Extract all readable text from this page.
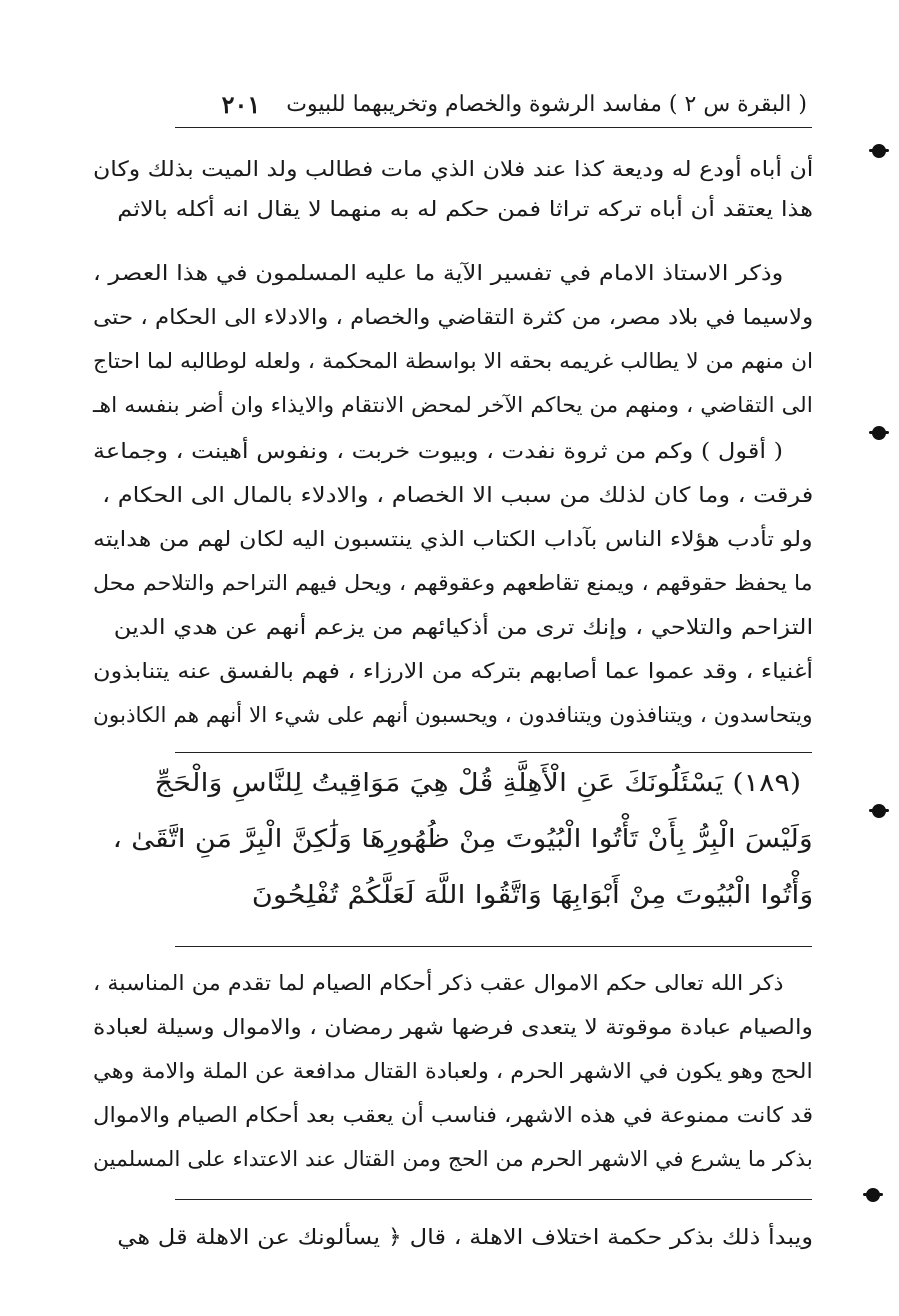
( البقرة س ٢ ) مفاسد الرشوة والخصام وتخريبهما للبيوت
٢٠١
أن أباه أودع له وديعة كذا عند فلان الذي مات فطالب ولد الميت بذلك وكان
هذا يعتقد أن أباه تركه تراثا فمن حكم له به منهما لا يقال انه أكله بالاثم
وذكر الاستاذ الامام في تفسير الآية ما عليه المسلمون في هذا العصر ،
ولاسيما في بلاد مصر، من كثرة التقاضي والخصام ، والادلاء الى الحكام ، حتى
ان منهم من لا يطالب غريمه بحقه الا بواسطة المحكمة ، ولعله لوطالبه لما احتاج
الى التقاضي ، ومنهم من يحاكم الآخر لمحض الانتقام والايذاء وان أضر بنفسه اهـ
( أقول ) وكم من ثروة نفدت ، وبيوت خربت ، ونفوس أهينت ، وجماعة
فرقت ، وما كان لذلك من سبب الا الخصام ، والادلاء بالمال الى الحكام ،
ولو تأدب هؤلاء الناس بآداب الكتاب الذي ينتسبون اليه لكان لهم من هدايته
ما يحفظ حقوقهم ، ويمنع تقاطعهم وعقوقهم ، ويحل فيهم التراحم والتلاحم محل
التزاحم والتلاحي ، وإنك ترى من أذكيائهم من يزعم أنهم عن هدي الدين
أغنياء ، وقد عموا عما أصابهم بتركه من الارزاء ، فهم بالفسق عنه يتنابذون
ويتحاسدون ، ويتنافذون ويتنافدون ، ويحسبون أنهم على شيء الا أنهم هم الكاذبون
(١٨٩) يَسْئَلُونَكَ عَنِ الْأَهِلَّةِ قُلْ هِيَ مَوَاقِيتُ لِلنَّاسِ وَالْحَجِّ
وَلَيْسَ الْبِرُّ بِأَنْ تَأْتُوا الْبُيُوتَ مِنْ ظُهُورِهَا وَلَٰكِنَّ الْبِرَّ مَنِ اتَّقَىٰ ،
وَأْتُوا الْبُيُوتَ مِنْ أَبْوَابِهَا وَاتَّقُوا اللَّهَ لَعَلَّكُمْ تُفْلِحُونَ
ذكر الله تعالى حكم الاموال عقب ذكر أحكام الصيام لما تقدم من المناسبة ،
والصيام عبادة موقوتة لا يتعدى فرضها شهر رمضان ، والاموال وسيلة لعبادة
الحج وهو يكون في الاشهر الحرم ، ولعبادة القتال مدافعة عن الملة والامة وهي
قد كانت ممنوعة في هذه الاشهر، فناسب أن يعقب بعد أحكام الصيام والاموال
بذكر ما يشرع في الاشهر الحرم من الحج ومن القتال عند الاعتداء على المسلمين
ويبدأ ذلك بذكر حكمة اختلاف الاهلة ، قال ﴿ يسألونك عن الاهلة قل هي
